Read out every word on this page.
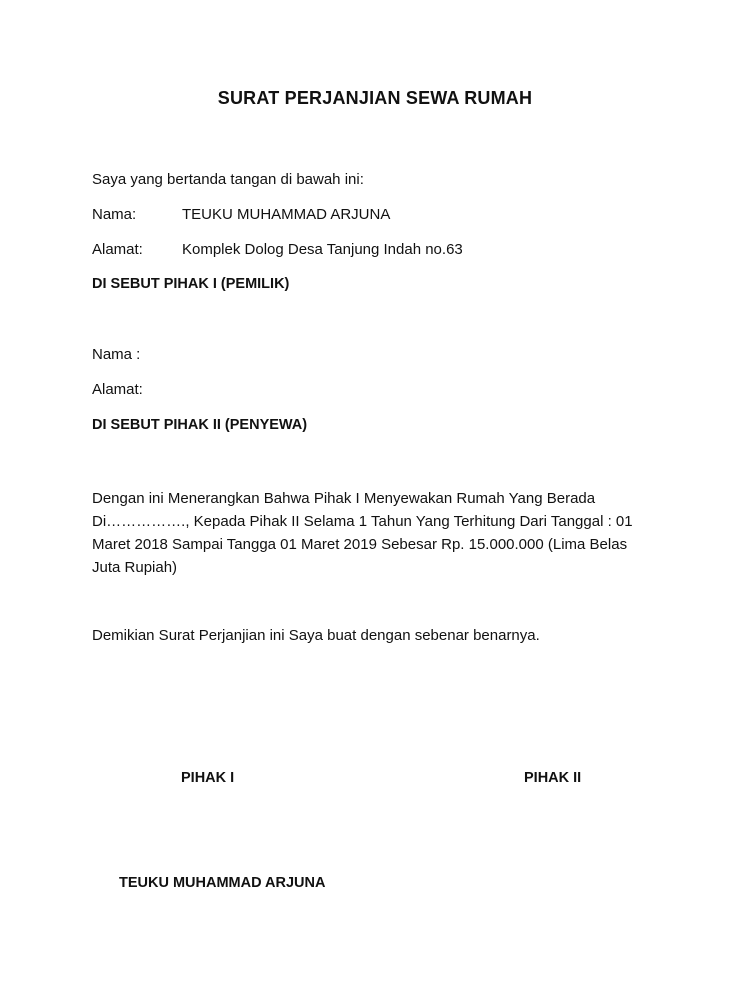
SURAT PERJANJIAN SEWA RUMAH
Saya yang bertanda tangan di bawah ini:
Nama:	TEUKU MUHAMMAD ARJUNA
Alamat:	Komplek Dolog Desa Tanjung Indah no.63
DI SEBUT PIHAK I (PEMILIK)
Nama :
Alamat:
DI SEBUT PIHAK II (PENYEWA)
Dengan ini Menerangkan Bahwa Pihak I Menyewakan Rumah Yang Berada
Di……………., Kepada Pihak II Selama 1 Tahun Yang Terhitung Dari Tanggal : 01
Maret 2018 Sampai Tangga 01 Maret 2019 Sebesar Rp. 15.000.000 (Lima Belas
Juta Rupiah)
Demikian Surat Perjanjian ini Saya buat dengan sebenar benarnya.
PIHAK I	PIHAK II
TEUKU MUHAMMAD ARJUNA
